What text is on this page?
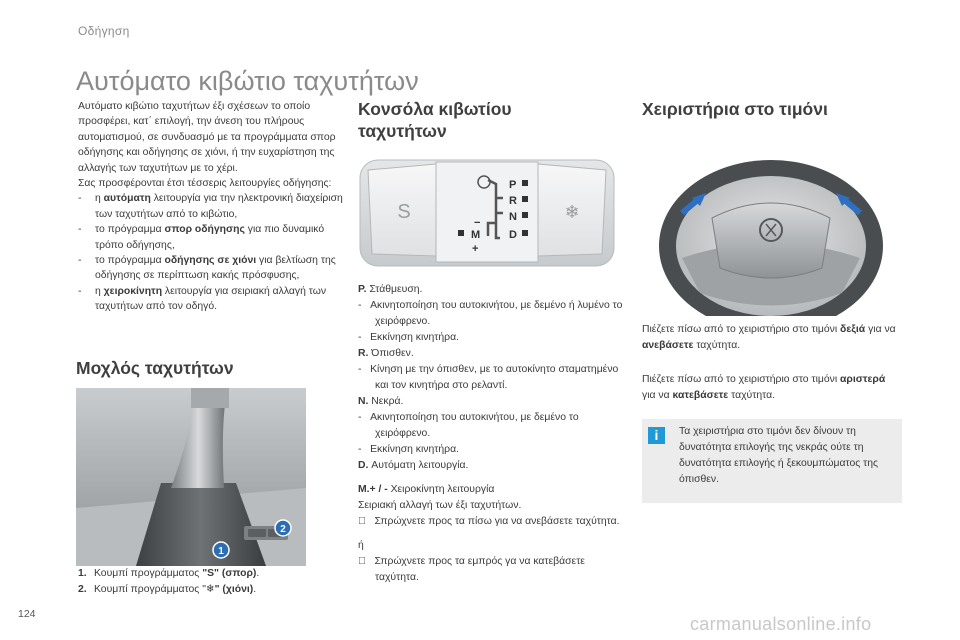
Οδήγηση
Αυτόματο κιβώτιο ταχυτήτων

Αυτόματο κιβώτιο ταχυτήτων έξι σχέσεων το οποίο προσφέρει, κατ΄ επιλογή, την άνεση του πλήρους αυτοματισμού, σε συνδυασμό με τα προγράμματα σπορ οδήγησης και οδήγησης σε χιόνι, ή την ευχαρίστηση της αλλαγής των ταχυτήτων με το χέρι.

Σας προσφέρονται έτσι τέσσερις λειτουργίες οδήγησης:

-	η αυτόματη λειτουργία για την ηλεκτρονική διαχείριση των ταχυτήτων από το κιβώτιο,
-	το πρόγραμμα σπορ οδήγησης για πιο δυναμικό τρόπο οδήγησης,
-	το πρόγραμμα οδήγησης σε χιόνι για βελτίωση της οδήγησης σε περίπτωση κακής πρόσφυσης,
-	η χειροκίνητη λειτουργία για σειριακή αλλαγή των ταχυτήτων από τον οδηγό.
Μοχλός ταχυτήτων
1
2
1. Κουμπί προγράμματος "S" (σπορ).
2. Κουμπί προγράμματος "❄" (χιόνι).
Κονσόλα κιβωτίου ταχυτήτων
S	❄
P
R
N
D
M
−
+
P. Στάθμευση.
-   Ακινητοποίηση του αυτοκινήτου, με δεμένο ή λυμένο το χειρόφρενο.
-   Εκκίνηση κινητήρα.
R. Όπισθεν.
-   Κίνηση με την όπισθεν, με το αυτοκίνητο σταματημένο και τον κινητήρα στο ρελαντί.
N. Νεκρά.
-   Ακινητοποίηση του αυτοκινήτου, με δεμένο το χειρόφρενο.
-   Εκκίνηση κινητήρα.
D. Αυτόματη λειτουργία.
M.+ / - Χειροκίνητη λειτουργία
Σειριακή αλλαγή των έξι ταχυτήτων.
Σπρώχνετε προς τα πίσω για να ανεβάσετε ταχύτητα.
ή
Σπρώχνετε προς τα εμπρός γα να κατεβάσετε ταχύτητα.
Χειριστήρια στο τιμόνι
Πιέζετε πίσω από το χειριστήριο στο τιμόνι δεξιά για να ανεβάσετε ταχύτητα.
Πιέζετε πίσω από το χειριστήριο στο τιμόνι αριστερά για να κατεβάσετε ταχύτητα.
i	Τα χειριστήρια στο τιμόνι δεν δίνουν τη δυνατότητα επιλογής της νεκράς ούτε τη δυνατότητα επιλογής ή ξεκουμπώματος της όπισθεν.
124	carmanualsonline.info
